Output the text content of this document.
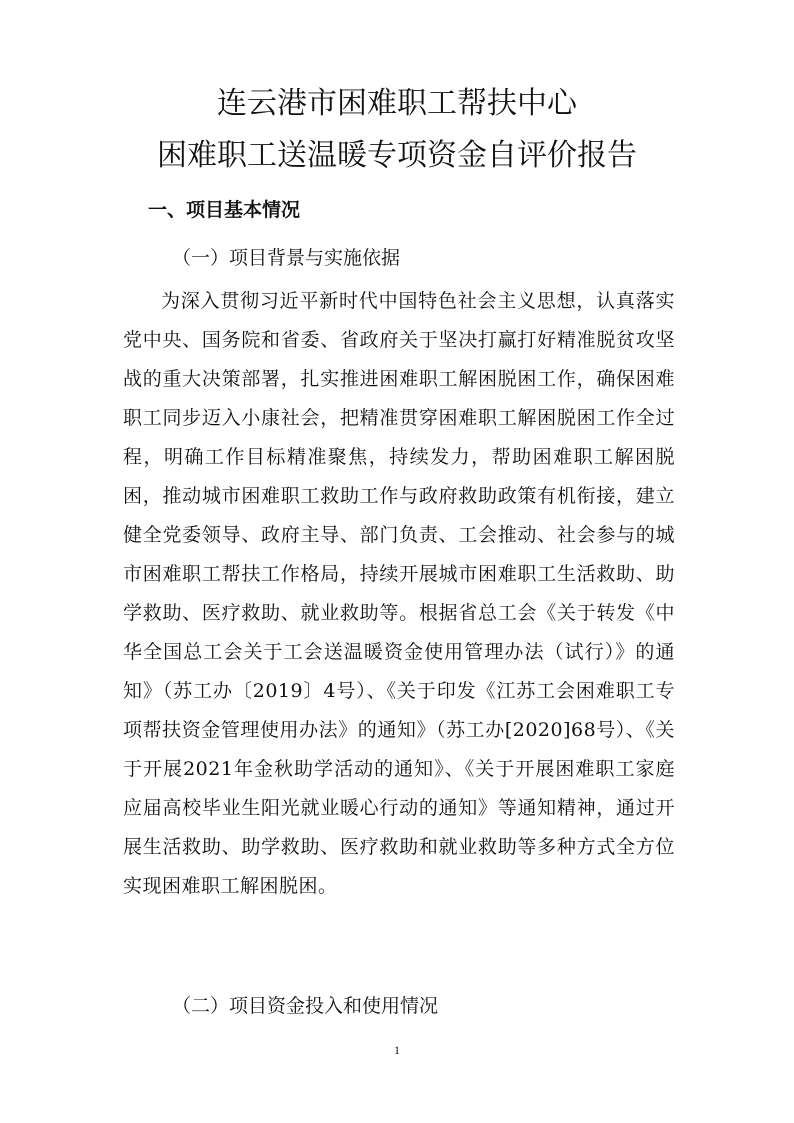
连云港市困难职工帮扶中心
困难职工送温暖专项资金自评价报告
一、项目基本情况
（一）项目背景与实施依据

为深入贯彻习近平新时代中国特色社会主义思想，认真落实党中央、国务院和省委、省政府关于坚决打赢打好精准脱贫攻坚战的重大决策部署，扎实推进困难职工解困脱困工作，确保困难职工同步迈入小康社会，把精准贯穿困难职工解困脱困工作全过程，明确工作目标精准聚焦，持续发力，帮助困难职工解困脱困，推动城市困难职工救助工作与政府救助政策有机衔接，建立健全党委领导、政府主导、部门负责、工会推动、社会参与的城市困难职工帮扶工作格局，持续开展城市困难职工生活救助、助学救助、医疗救助、就业救助等。根据省总工会《关于转发《中华全国总工会关于工会送温暖资金使用管理办法（试行）》的通知》（苏工办〔2019〕4号）、《关于印发《江苏工会困难职工专项帮扶资金管理使用办法》的通知》（苏工办[2020]68号）、《关于开展2021年金秋助学活动的通知》、《关于开展困难职工家庭应届高校毕业生阳光就业暖心行动的通知》等通知精神，通过开展生活救助、助学救助、医疗救助和就业救助等多种方式全方位实现困难职工解困脱困。

（二）项目资金投入和使用情况
1
